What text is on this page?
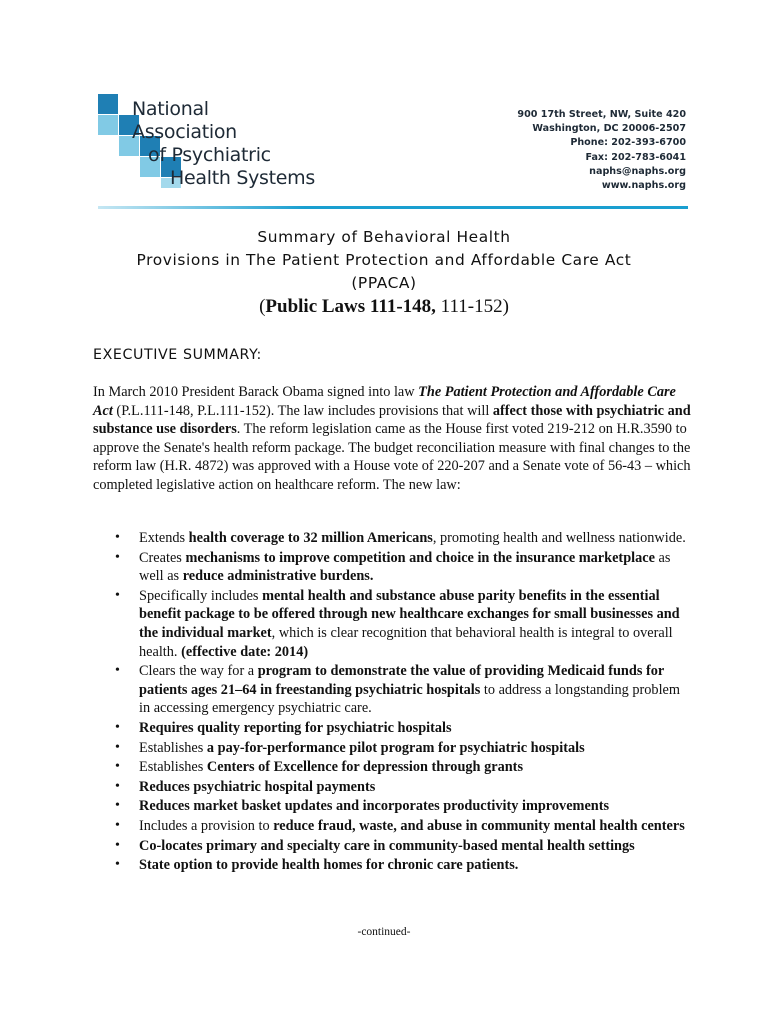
National
Association
of Psychiatric
Health Systems
900 17th Street, NW, Suite 420
Washington, DC 20006-2507
Phone: 202-393-6700
Fax: 202-783-6041
naphs@naphs.org
www.naphs.org
Summary of Behavioral Health
Provisions in The Patient Protection and Affordable Care Act
(PPACA)
(Public Laws 111-148, 111-152)
EXECUTIVE SUMMARY:
In March 2010 President Barack Obama signed into law The Patient Protection and Affordable Care Act (P.L.111-148, P.L.111-152). The law includes provisions that will affect those with psychiatric and substance use disorders. The reform legislation came as the House first voted 219-212 on H.R.3590 to approve the Senate's health reform package. The budget reconciliation measure with final changes to the reform law (H.R. 4872) was approved with a House vote of 220-207 and a Senate vote of 56-43 – which completed legislative action on healthcare reform. The new law:
• Extends health coverage to 32 million Americans, promoting health and wellness nationwide.
• Creates mechanisms to improve competition and choice in the insurance marketplace as well as reduce administrative burdens.
• Specifically includes mental health and substance abuse parity benefits in the essential benefit package to be offered through new healthcare exchanges for small businesses and the individual market, which is clear recognition that behavioral health is integral to overall health. (effective date: 2014)
• Clears the way for a program to demonstrate the value of providing Medicaid funds for patients ages 21–64 in freestanding psychiatric hospitals to address a longstanding problem in accessing emergency psychiatric care.
• Requires quality reporting for psychiatric hospitals
• Establishes a pay-for-performance pilot program for psychiatric hospitals
• Establishes Centers of Excellence for depression through grants
• Reduces psychiatric hospital payments
• Reduces market basket updates and incorporates productivity improvements
• Includes a provision to reduce fraud, waste, and abuse in community mental health centers
• Co-locates primary and specialty care in community-based mental health settings
• State option to provide health homes for chronic care patients.
-continued-
